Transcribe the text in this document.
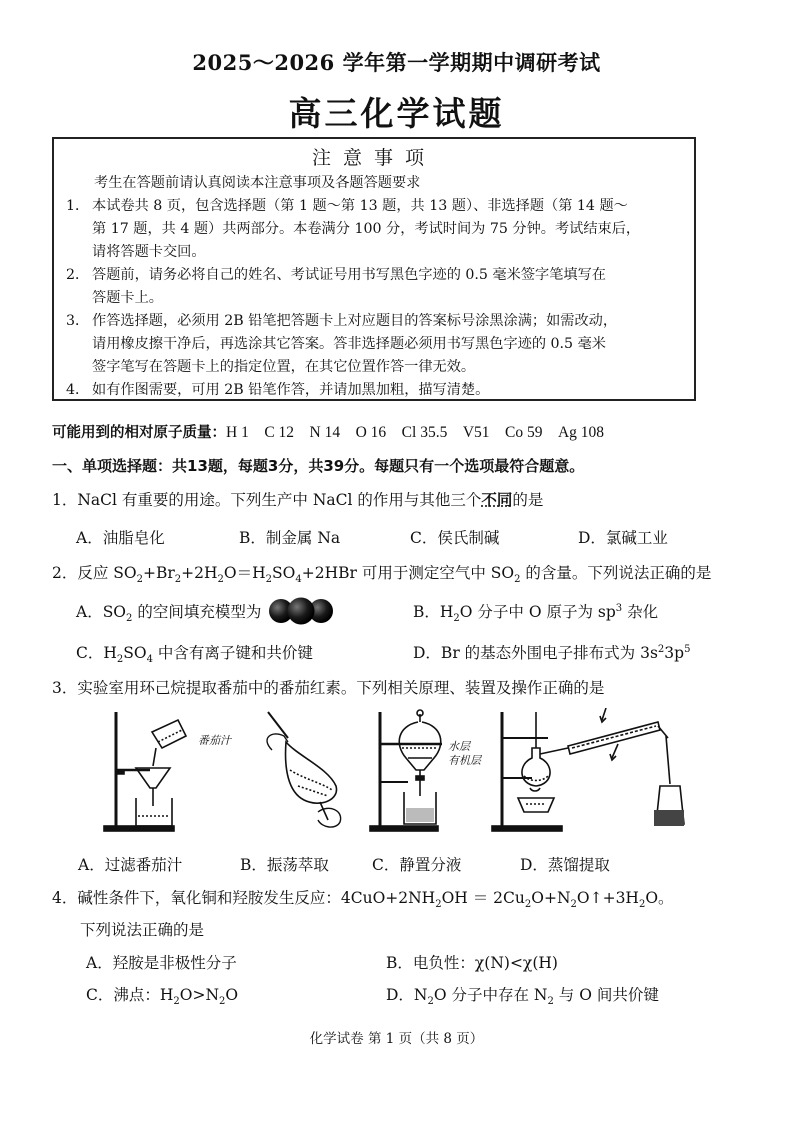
2025～2026 学年第一学期期中调研考试
高三化学试题
注意事项
考生在答题前请认真阅读本注意事项及各题答题要求
1． 本试卷共 8 页，包含选择题（第 1 题～第 13 题，共 13 题）、非选择题（第 14 题～
第 17 题，共 4 题）共两部分。本卷满分 100 分，考试时间为 75 分钟。考试结束后，
请将答题卡交回。
2． 答题前，请务必将自己的姓名、考试证号用书写黑色字迹的 0.5 毫米签字笔填写在
答题卡上。
3． 作答选择题，必须用 2B 铅笔把答题卡上对应题目的答案标号涂黑涂满；如需改动，
请用橡皮擦干净后，再选涂其它答案。答非选择题必须用书写黑色字迹的 0.5 毫米
签字笔写在答题卡上的指定位置，在其它位置作答一律无效。
4． 如有作图需要，可用 2B 铅笔作答，并请加黑加粗，描写清楚。
可能用到的相对原子质量：H 1　C 12　N 14　O 16　Cl 35.5　V51　Co 59　Ag 108
一、单项选择题：共13题，每题3分，共39分。每题只有一个选项最符合题意。
1．NaCl 有重要的用途。下列生产中 NaCl 的作用与其他三个不同的是
A．油脂皂化	B．制金属 Na	C．侯氏制碱	D．氯碱工业
2．反应 $SO_2+Br_2+2H_2O=H_2SO_4+2HBr$ 可用于测定空气中 $SO_2$ 的含量。下列说法正确的是
A．$SO_2$ 的空间填充模型为	B．$H_2O$ 分子中 O 原子为 $sp^3$ 杂化
C．$H_2SO_4$ 中含有离子键和共价键	D．Br 的基态外围电子排布式为 $3s^23p^5$
3．实验室用环己烷提取番茄中的番茄红素。下列相关原理、装置及操作正确的是
番茄汁	水层
有机层
A．过滤番茄汁	B．振荡萃取	C．静置分液	D．蒸馏提取
4．碱性条件下，氧化铜和羟胺发生反应：$4CuO+2NH_2OH$ ＝ $2Cu_2O+N_2O↑+3H_2O$。
下列说法正确的是
A．羟胺是非极性分子	B．电负性：χ(N)<χ(H)
C．沸点：$H_2O>N_2O$	D．$N_2O$ 分子中存在 $N_2$ 与 O 间共价键
化学试卷 第 1 页（共 8 页）
